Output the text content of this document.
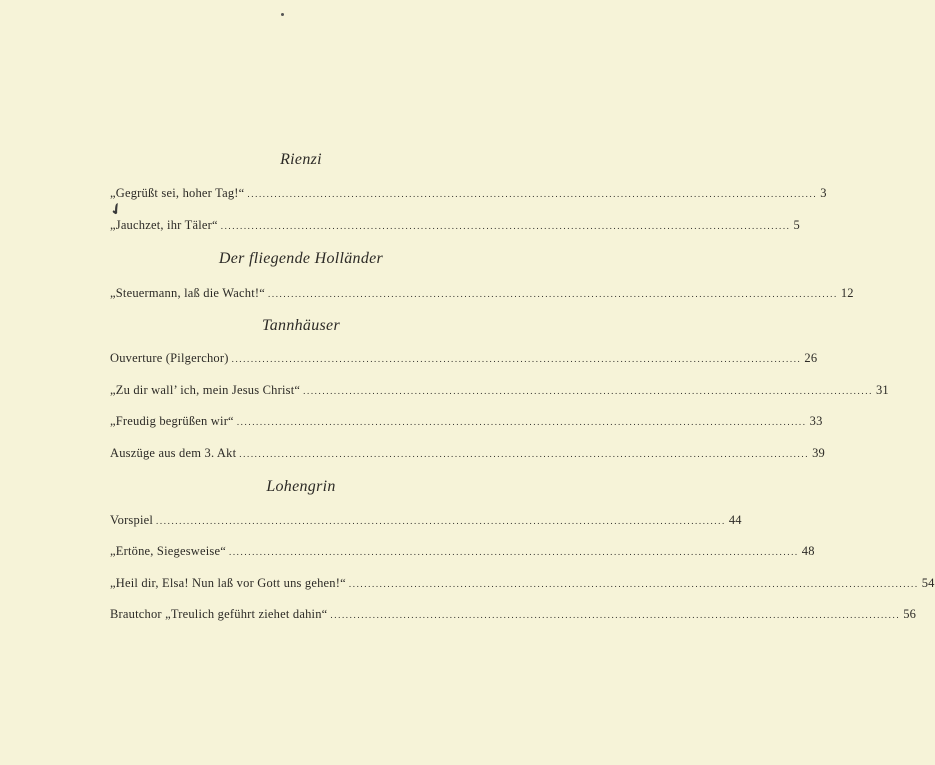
Rienzi
„Gegrüßt sei, hoher Tag!“ .................................................................................................................................................... 3
✔
„Jauchzet, ihr Täler“ .................................................................................................................................................... 5
Der fliegende Holländer
„Steuermann, laß die Wacht!“ .................................................................................................................................................... 12
Tannhäuser
Ouverture (Pilgerchor) .................................................................................................................................................... 26
„Zu dir wall’ ich, mein Jesus Christ“ .................................................................................................................................................... 31
„Freudig begrüßen wir“ .................................................................................................................................................... 33
Auszüge aus dem 3. Akt .................................................................................................................................................... 39
Lohengrin
Vorspiel .................................................................................................................................................... 44
„Ertöne, Siegesweise“ .................................................................................................................................................... 48
„Heil dir, Elsa! Nun laß vor Gott uns gehen!“ .................................................................................................................................................... 54
Brautchor „Treulich geführt ziehet dahin“ .................................................................................................................................................... 56
